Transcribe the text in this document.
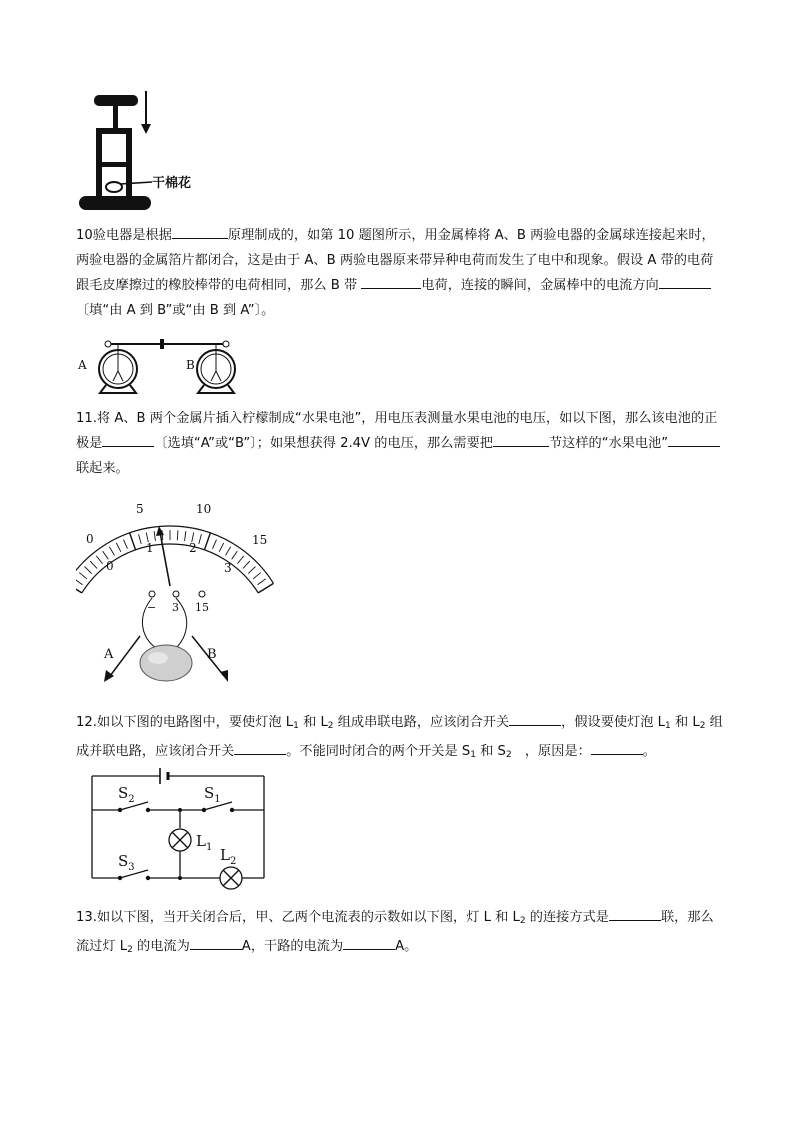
干棉花

10验电器是根据	原理制成的，如第 10 题图所示，用金属棒将 A、B 两验电器的金属球连接起来时，两验电器的金属箔片都闭合，这是由于 A、B 两验电器原来带异种电荷而发生了电中和现象。假设 A 带的电荷跟毛皮摩擦过的橡胶棒带的电荷相同，那么 B 带	电荷，连接的瞬间，金属棒中的电流方向〔填“由 A 到 B”或“由 B 到 A”〕。

A	B

11.将 A、B 两个金属片插入柠檬制成“水果电池”，用电压表测量水果电池的电压，如以下图，那么该电池的正极是	〔选填“A”或“B”〕；如果想获得 2.4V 的电压，那么需要把	节这样的“水果电池”联起来。

0
5	10
15
0
1	2
3
− 3 15
A	B

12.如以下图的电路图中，要使灯泡 $L_1$ 和 $L_2$ 组成串联电路，应该闭合开关	，假设要使灯泡 $L_1$ 和 $L_2$ 组成并联电路，应该闭合开关	。不能同时闭合的两个开关是 $S_1$ 和 $S_2$　，原因是：	。

$S_2$	$S_1$
$S_3$
$L_1$ $L_2$

13.如以下图，当开关闭合后，甲、乙两个电流表的示数如以下图，灯 L 和 $L_2$ 的连接方式是	联，那么流过灯 $L_2$ 的电流为	A，干路的电流为	A。
